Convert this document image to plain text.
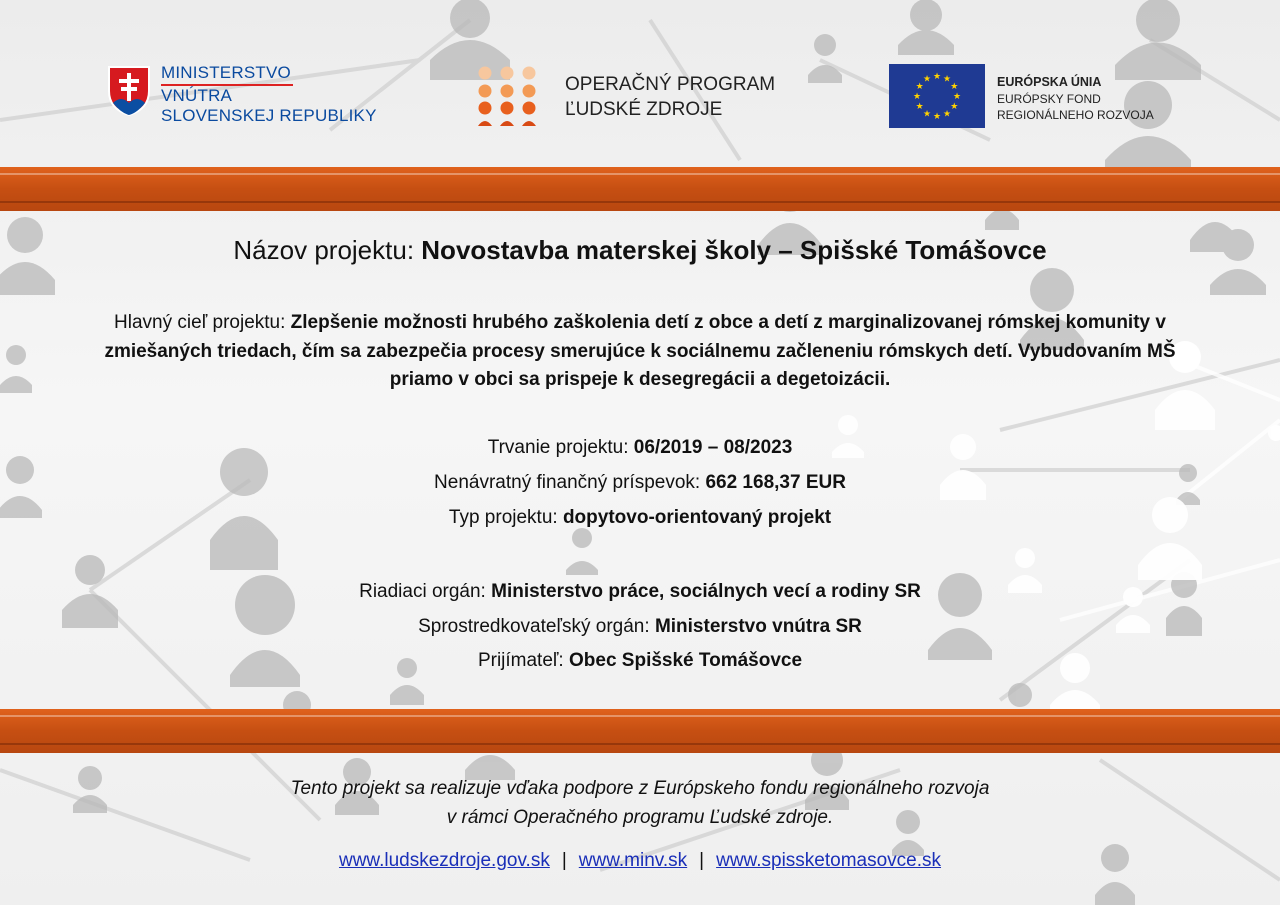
MINISTERSTVO
VNÚTRA
SLOVENSKEJ REPUBLIKY
OPERAČNÝ PROGRAM
ĽUDSKÉ ZDROJE
★ ★
★
★
★
★
★
★
★
★
★
★	EURÓPSKA ÚNIA
EURÓPSKY FOND
REGIONÁLNEHO ROZVOJA
Názov projektu: Novostavba materskej školy – Spišské Tomášovce
Hlavný cieľ projektu: Zlepšenie možnosti hrubého zaškolenia detí z obce a detí z marginalizovanej rómskej komunity v zmiešaných triedach, čím sa zabezpečia procesy smerujúce k sociálnemu začleneniu rómskych detí. Vybudovaním MŠ priamo v obci sa prispeje k desegregácii a degetoizácii.
Trvanie projektu: 06/2019 – 08/2023
Nenávratný finančný príspevok: 662 168,37 EUR
Typ projektu: dopytovo-orientovaný projekt
Riadiaci orgán: Ministerstvo práce, sociálnych vecí a rodiny SR
Sprostredkovateľský orgán: Ministerstvo vnútra SR
Prijímateľ: Obec Spišské Tomášovce
Tento projekt sa realizuje vďaka podpore z Európskeho fondu regionálneho rozvoja
v rámci Operačného programu Ľudské zdroje.
www.ludskezdroje.gov.sk | www.minv.sk | www.spissketomasovce.sk
